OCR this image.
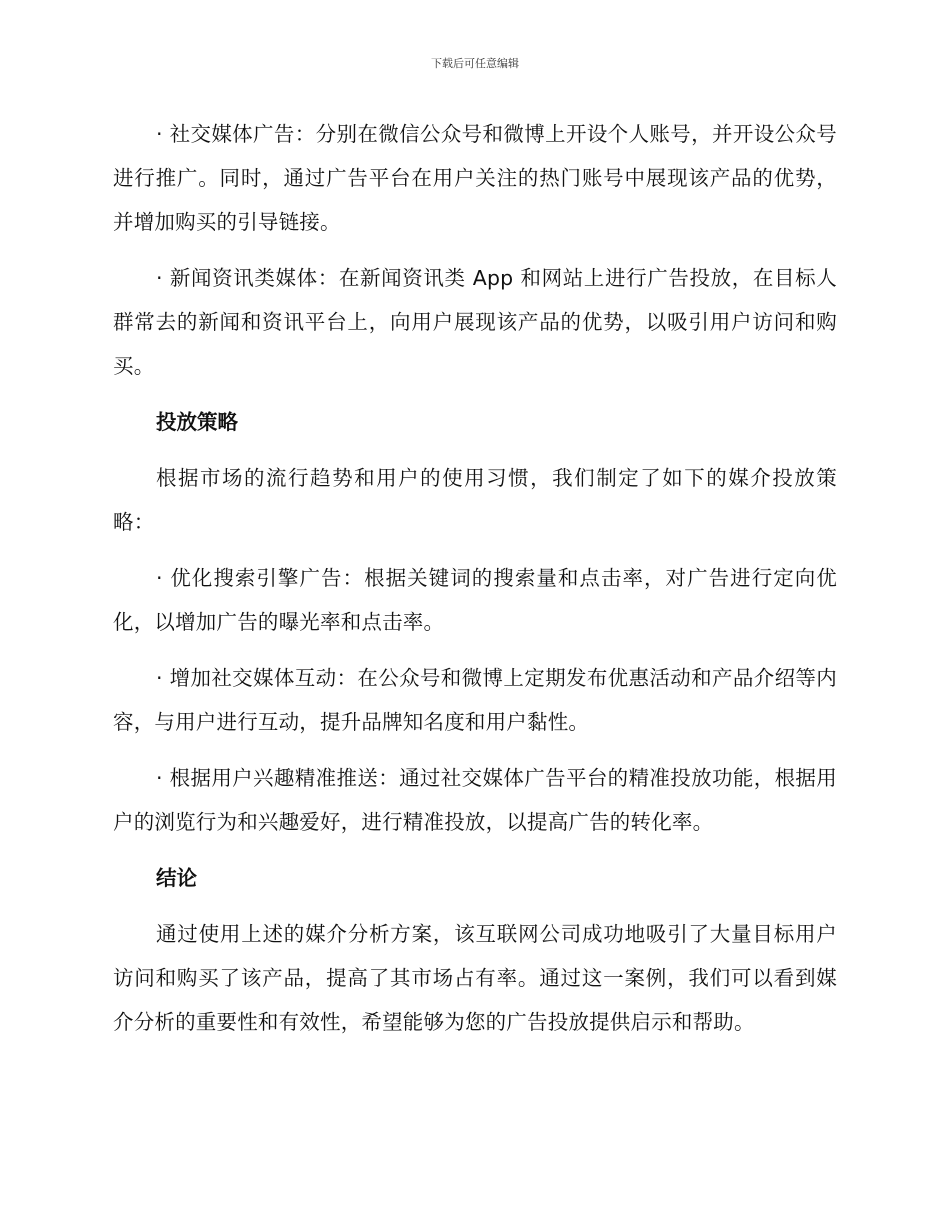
下载后可任意编辑

· 社交媒体广告：分别在微信公众号和微博上开设个人账号，并开设公众号进行推广。同时，通过广告平台在用户关注的热门账号中展现该产品的优势，并增加购买的引导链接。

· 新闻资讯类媒体：在新闻资讯类 App 和网站上进行广告投放，在目标人群常去的新闻和资讯平台上，向用户展现该产品的优势，以吸引用户访问和购买。

投放策略

根据市场的流行趋势和用户的使用习惯，我们制定了如下的媒介投放策略：

· 优化搜索引擎广告：根据关键词的搜索量和点击率，对广告进行定向优化，以增加广告的曝光率和点击率。

· 增加社交媒体互动：在公众号和微博上定期发布优惠活动和产品介绍等内容，与用户进行互动，提升品牌知名度和用户黏性。

· 根据用户兴趣精准推送：通过社交媒体广告平台的精准投放功能，根据用户的浏览行为和兴趣爱好，进行精准投放，以提高广告的转化率。

结论

通过使用上述的媒介分析方案，该互联网公司成功地吸引了大量目标用户访问和购买了该产品，提高了其市场占有率。通过这一案例，我们可以看到媒介分析的重要性和有效性，希望能够为您的广告投放提供启示和帮助。
